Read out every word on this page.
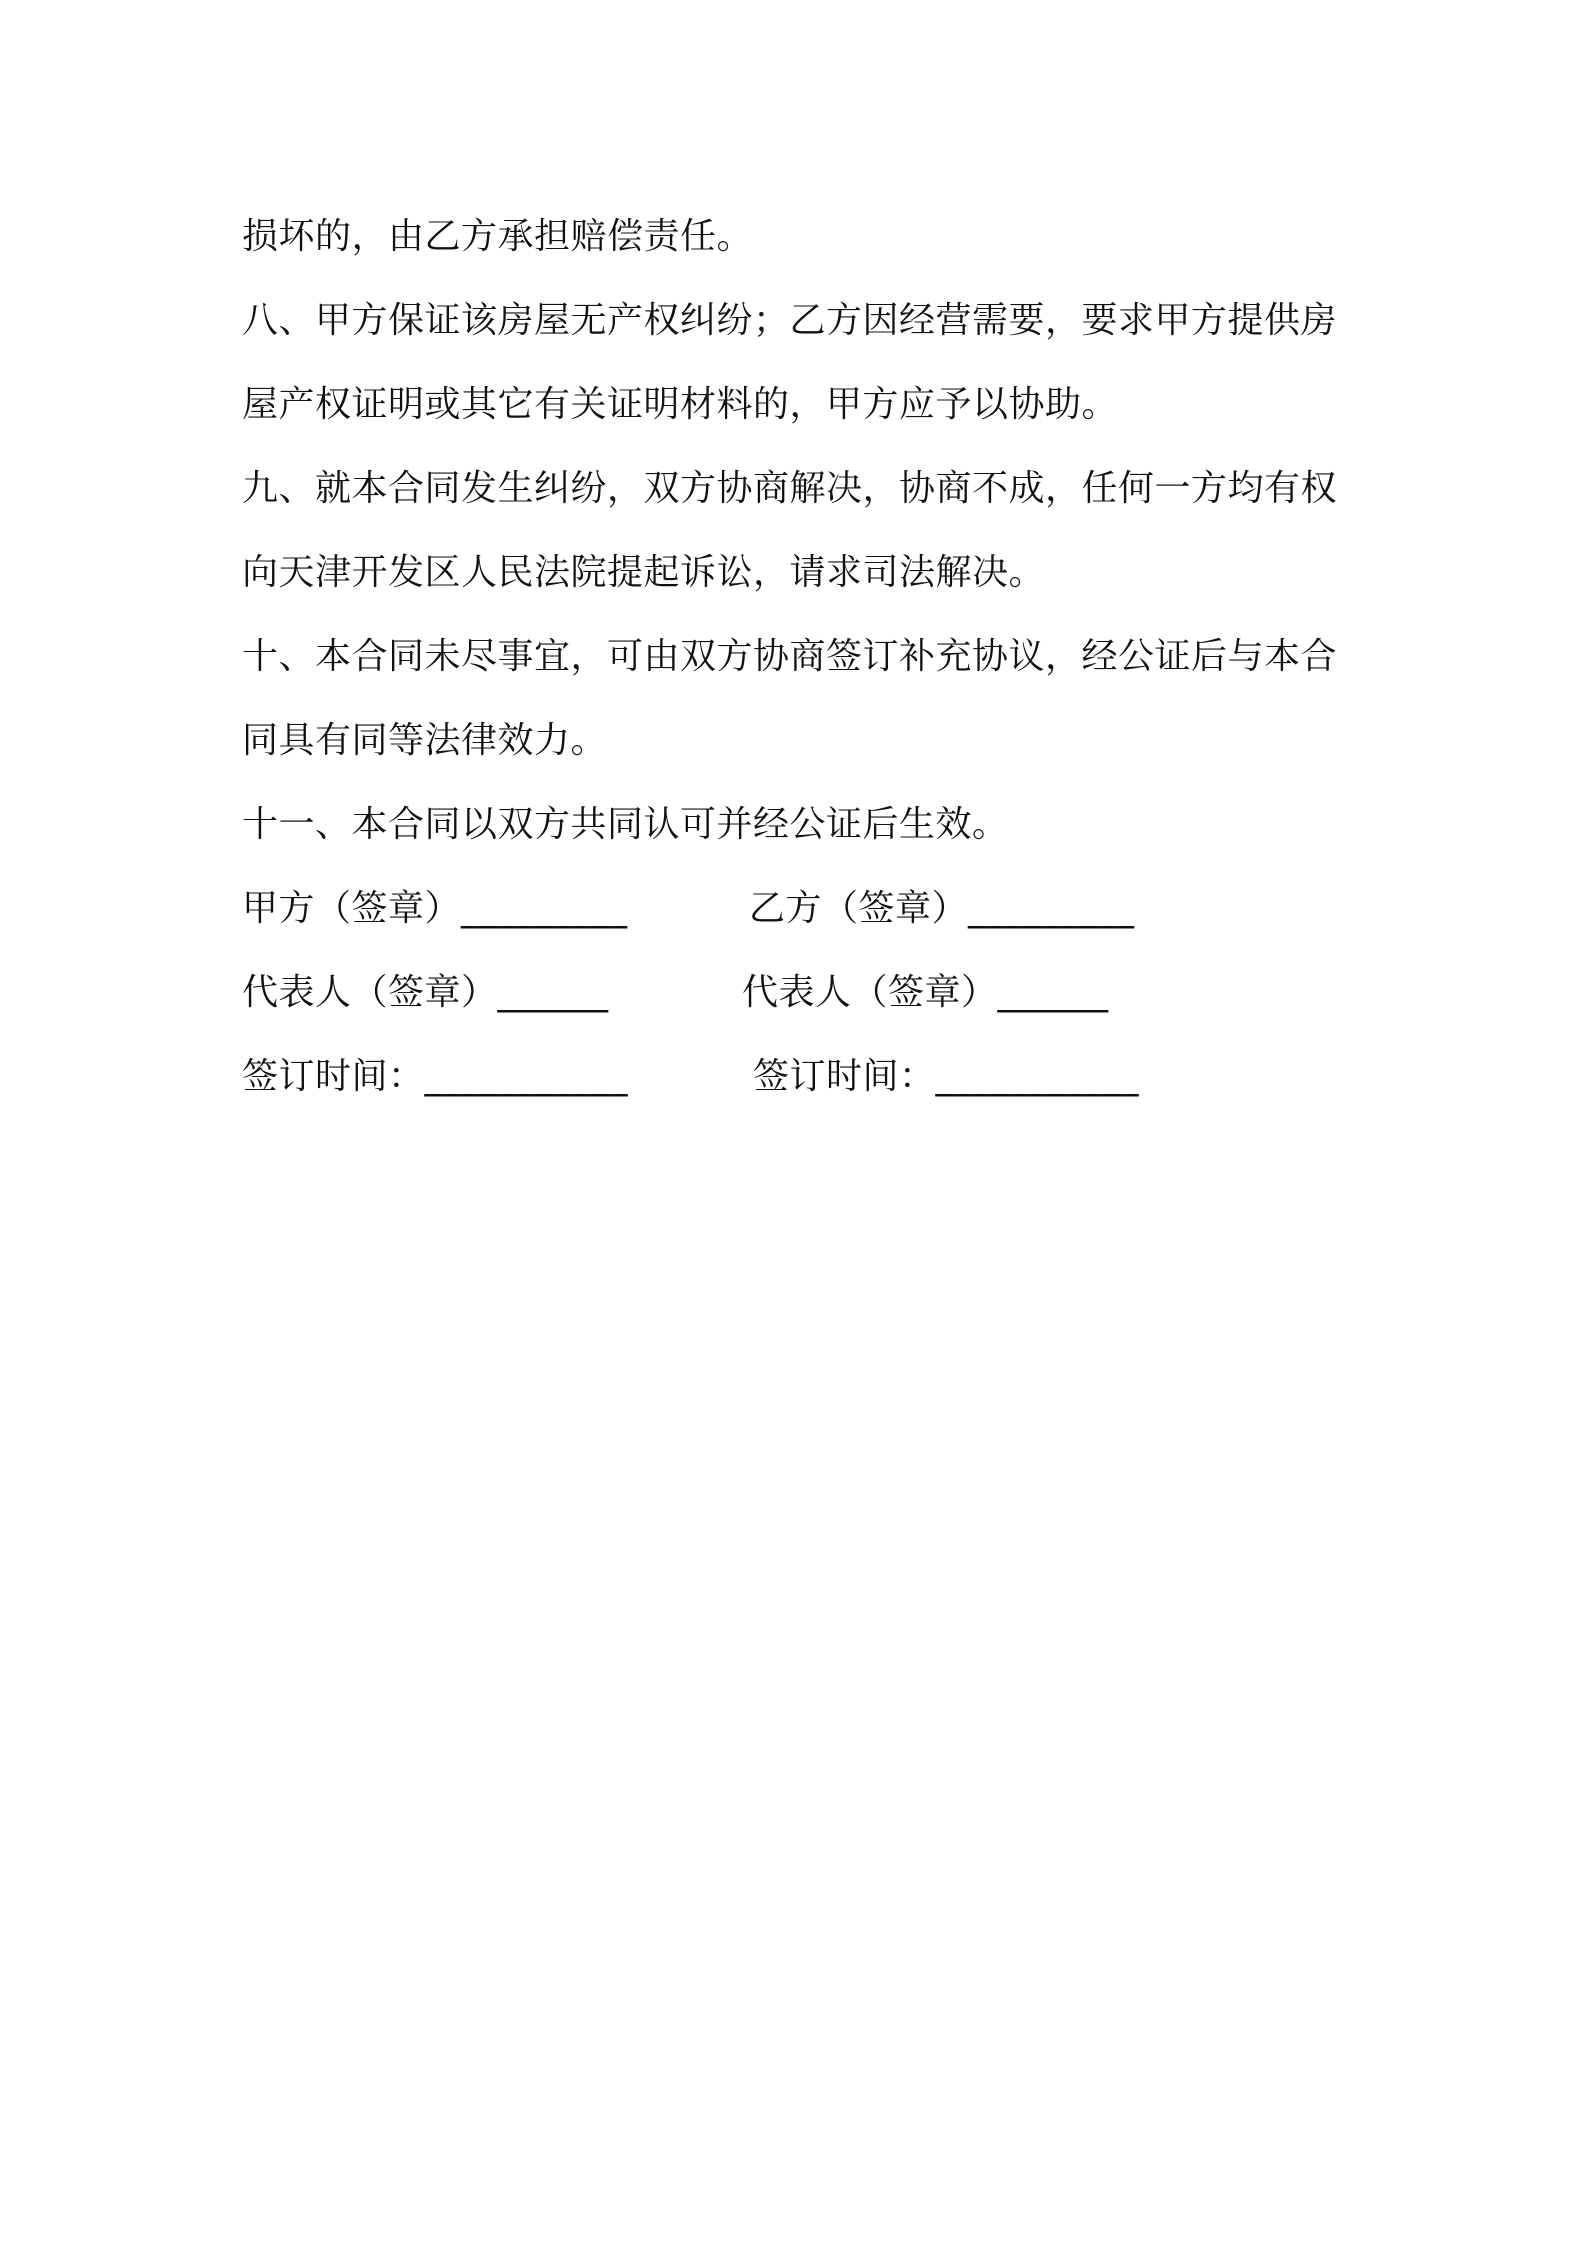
损坏的，由乙方承担赔偿责任。

八、甲方保证该房屋无产权纠纷；乙方因经营需要，要求甲方提供房屋产权证明或其它有关证明材料的，甲方应予以协助。

九、就本合同发生纠纷，双方协商解决，协商不成，任何一方均有权向天津开发区人民法院提起诉讼，请求司法解决。

十、本合同未尽事宜，可由双方协商签订补充协议，经公证后与本合同具有同等法律效力。

十一、本合同以双方共同认可并经公证后生效。

甲方（签章）_________	乙方（签章）_________
代表人（签章）______	代表人（签章）______
签订时间：___________	签订时间：___________
